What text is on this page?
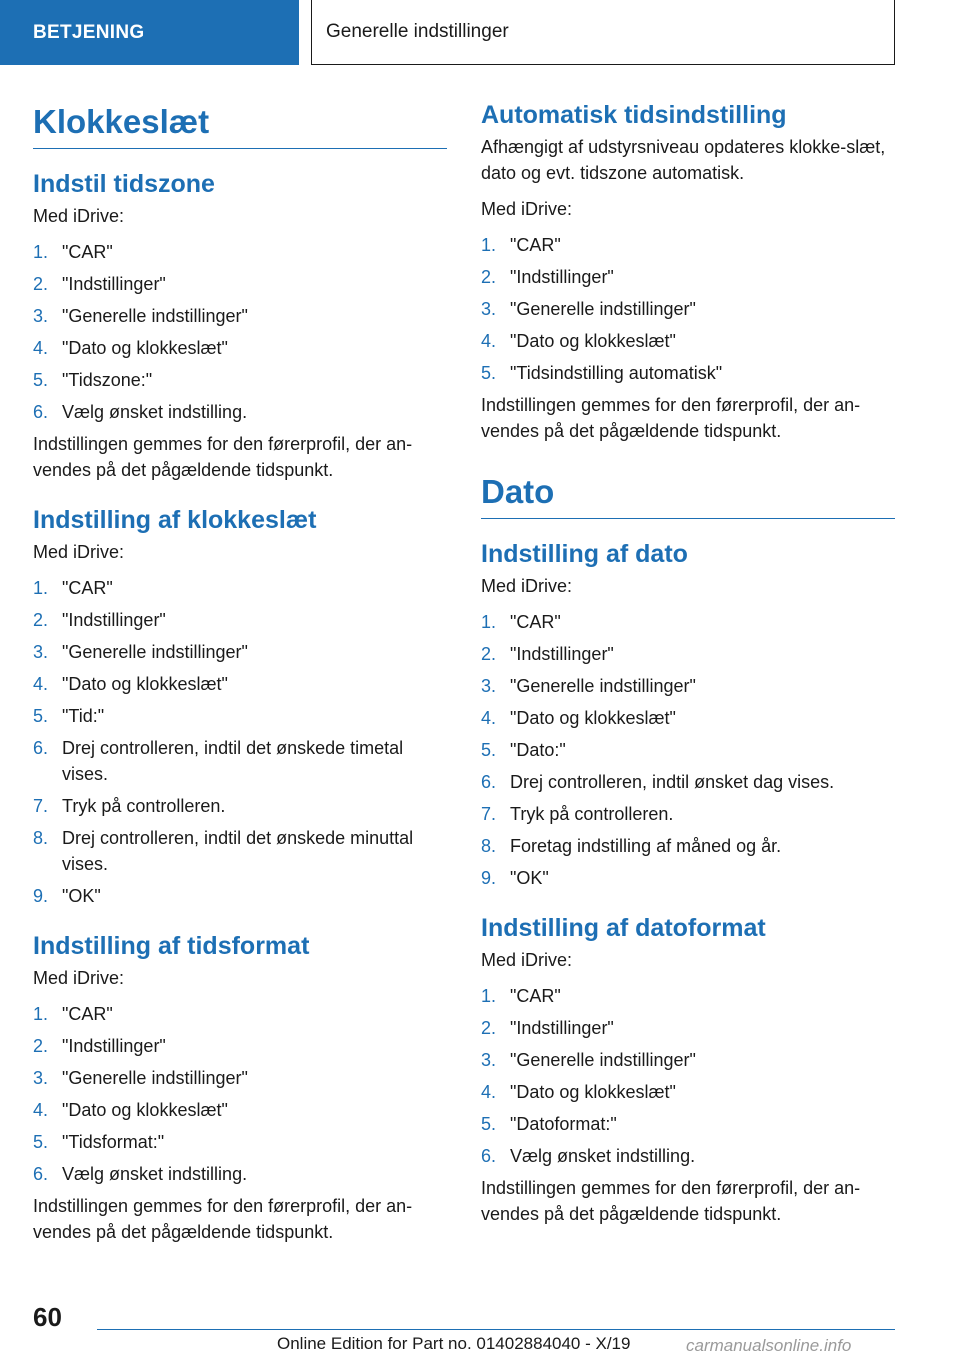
BETJENING	Generelle indstillinger
Klokkeslæt
Indstil tidszone
Med iDrive:
1. "CAR"
2. "Indstillinger"
3. "Generelle indstillinger"
4. "Dato og klokkeslæt"
5. "Tidszone:"
6. Vælg ønsket indstilling.
Indstillingen gemmes for den førerprofil, der an-vendes på det pågældende tidspunkt.
Indstilling af klokkeslæt
Med iDrive:
1. "CAR"
2. "Indstillinger"
3. "Generelle indstillinger"
4. "Dato og klokkeslæt"
5. "Tid:"
6. Drej controlleren, indtil det ønskede timetal vises.
7. Tryk på controlleren.
8. Drej controlleren, indtil det ønskede minuttal vises.
9. "OK"
Indstilling af tidsformat
Med iDrive:
1. "CAR"
2. "Indstillinger"
3. "Generelle indstillinger"
4. "Dato og klokkeslæt"
5. "Tidsformat:"
6. Vælg ønsket indstilling.
Indstillingen gemmes for den førerprofil, der an-vendes på det pågældende tidspunkt.
Automatisk tidsindstilling
Afhængigt af udstyrsniveau opdateres klokke-slæt, dato og evt. tidszone automatisk.
Med iDrive:
1. "CAR"
2. "Indstillinger"
3. "Generelle indstillinger"
4. "Dato og klokkeslæt"
5. "Tidsindstilling automatisk"
Indstillingen gemmes for den førerprofil, der an-vendes på det pågældende tidspunkt.
Dato
Indstilling af dato
Med iDrive:
1. "CAR"
2. "Indstillinger"
3. "Generelle indstillinger"
4. "Dato og klokkeslæt"
5. "Dato:"
6. Drej controlleren, indtil ønsket dag vises.
7. Tryk på controlleren.
8. Foretag indstilling af måned og år.
9. "OK"
Indstilling af datoformat
Med iDrive:
1. "CAR"
2. "Indstillinger"
3. "Generelle indstillinger"
4. "Dato og klokkeslæt"
5. "Datoformat:"
6. Vælg ønsket indstilling.
Indstillingen gemmes for den førerprofil, der an-vendes på det pågældende tidspunkt.
60
Online Edition for Part no. 01402884040 - X/19	carmanualsonline.info
